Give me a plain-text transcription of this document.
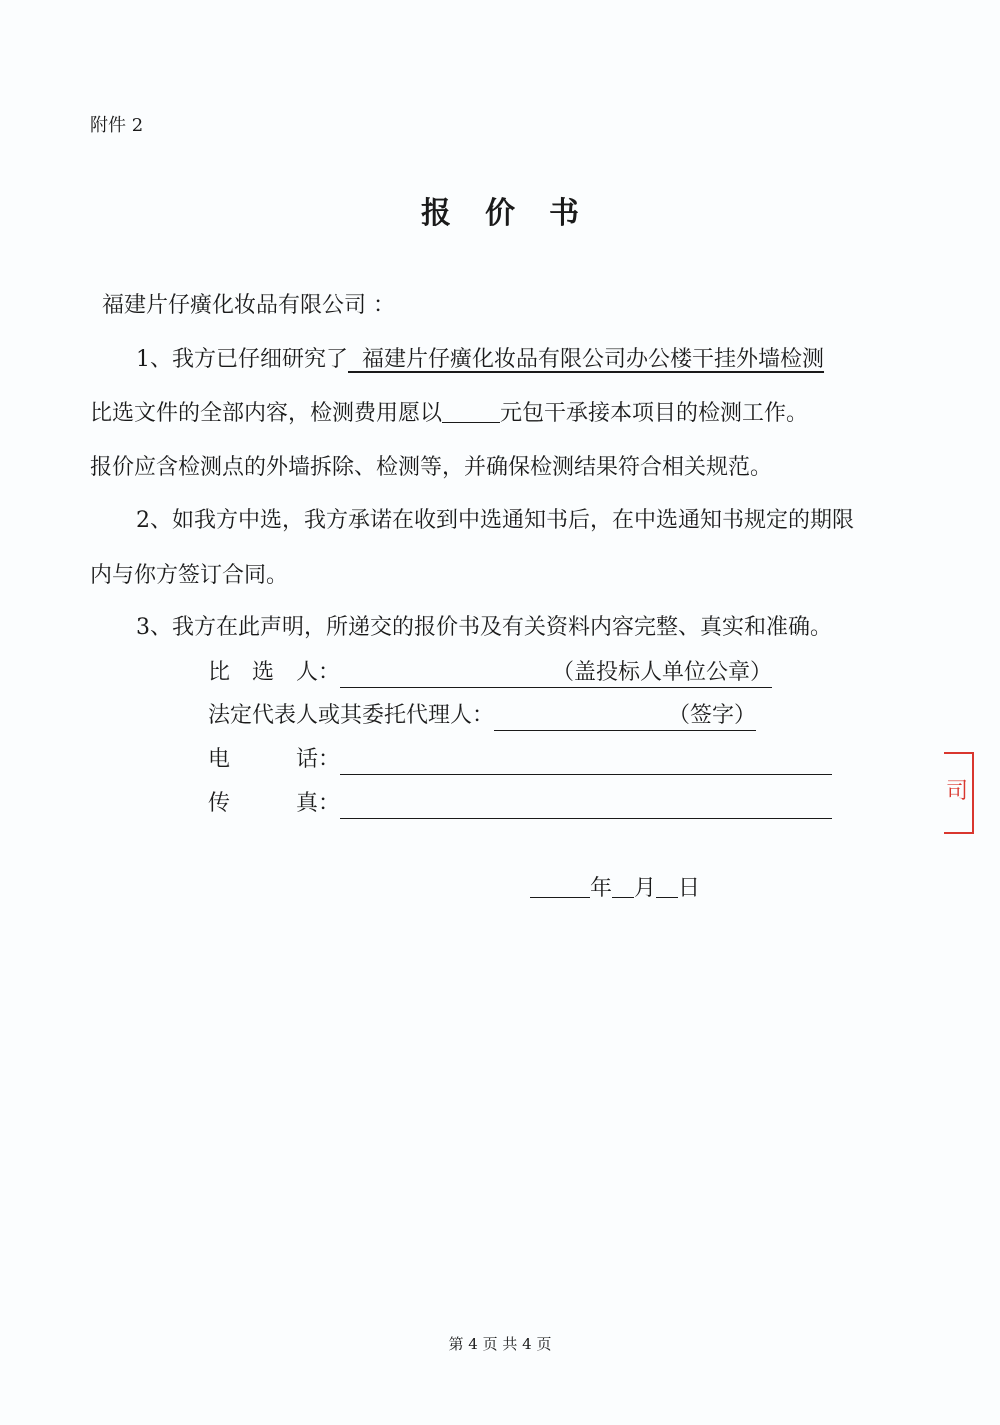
附件 2
报价书
福建片仔癀化妆品有限公司 ：
1、我方已仔细研究了 福建片仔癀化妆品有限公司办公楼干挂外墙检测
比选文件的全部内容，检测费用愿以	元包干承接本项目的检测工作。
报价应含检测点的外墙拆除、检测等，并确保检测结果符合相关规范。
2、如我方中选，我方承诺在收到中选通知书后，在中选通知书规定的期限
内与你方签订合同。
3、我方在此声明，所递交的报价书及有关资料内容完整、真实和准确。
比　选　人：	（盖投标人单位公章）
法定代表人或其委托代理人：	（签字）
电　　　话：
传　　　真：
年 月 日
司
第 4 页 共 4 页
